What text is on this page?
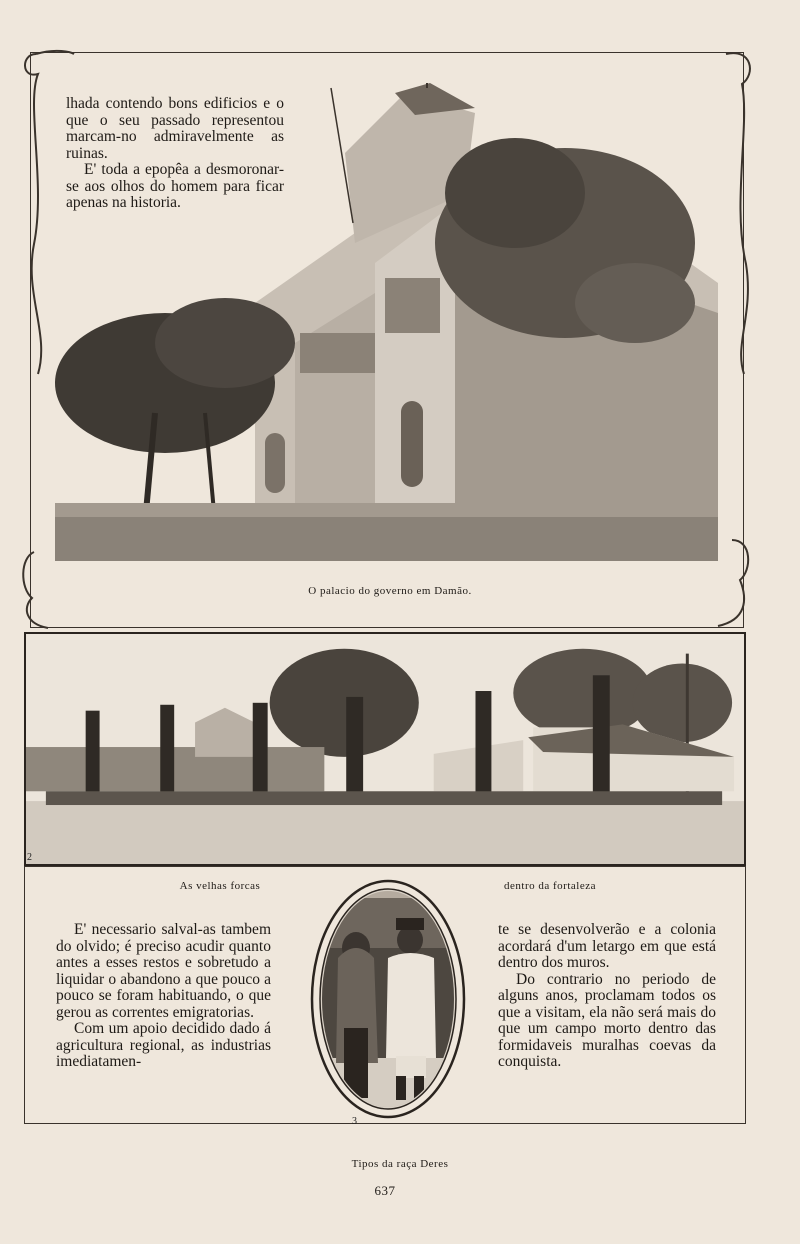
lhada contendo bons edificios e o que o seu passado representou marcam-no admiravelmente as ruinas.

E' toda a epopêa a desmoronar-se aos olhos do homem para ficar apenas na historia.

O palacio do governo em Damão.
2
As velhas forcas	dentro da fortaleza

E' necessario salval-as tambem do olvido; é preciso acudir quanto antes a esses restos e sobretudo a liquidar o abandono a que pouco a pouco se foram habituando, o que gerou as correntes emigratorias.

Com um apoio decidido dado á agricultura regional, as industrias imediatamen-

3

te se desenvolverão e a colonia acordará d'um letargo em que está dentro dos muros.

Do contrario no periodo de alguns anos, proclamam todos os que a visitam, ela não será mais do que um campo morto dentro das formidaveis muralhas coevas da conquista.

Tipos da raça Deres
637
